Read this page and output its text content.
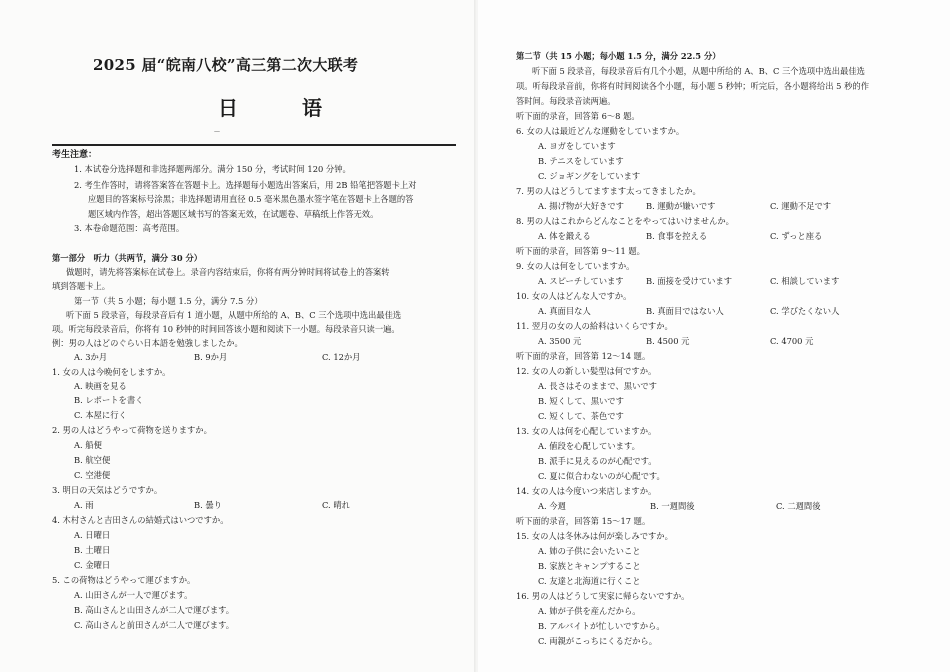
2025 届“皖南八校”高三第二次大联考
日　语
—
考生注意：
1. 本试卷分选择题和非选择题两部分。满分 150 分，考试时间 120 分钟。
2. 考生作答时，请将答案答在答题卡上。选择题每小题选出答案后，用 2B 铅笔把答题卡上对
应题目的答案标号涂黑；非选择题请用直径 0.5 毫米黑色墨水签字笔在答题卡上各题的答
题区域内作答，超出答题区域书写的答案无效，在试题卷、草稿纸上作答无效。
3. 本卷命题范围：高考范围。
第一部分　听力（共两节，满分 30 分）
做题时，请先将答案标在试卷上。录音内容结束后，你将有两分钟时间将试卷上的答案转
填到答题卡上。
第一节（共 5 小题；每小题 1.5 分，满分 7.5 分）
听下面 5 段录音，每段录音后有 1 道小题，从题中所给的 A、B、C 三个选项中选出最佳选
项。听完每段录音后，你将有 10 秒钟的时间回答该小题和阅读下一小题。每段录音只读一遍。
例：男の人はどのぐらい日本語を勉強しましたか。
A. 3か月	B. 9か月	C. 12か月
1. 女の人は今晩何をしますか。
A. 映画を見る
B. レポートを書く
C. 本屋に行く
2. 男の人はどうやって荷物を送りますか。
A. 船便
B. 航空便
C. 空港便
3. 明日の天気はどうですか。
A. 雨	B. 曇り	C. 晴れ
4. 木村さんと吉田さんの結婚式はいつですか。
A. 日曜日
B. 土曜日
C. 金曜日
5. この荷物はどうやって運びますか。
A. 山田さんが一人で運びます。
B. 高山さんと山田さんが二人で運びます。
C. 高山さんと前田さんが二人で運びます。
第二节（共 15 小题；每小题 1.5 分，满分 22.5 分）
听下面 5 段录音，每段录音后有几个小题，从题中所给的 A、B、C 三个选项中选出最佳选
项。听每段录音前，你将有时间阅读各个小题，每小题 5 秒钟；听完后，各小题将给出 5 秒的作
答时间。每段录音读两遍。
听下面的录音，回答第 6～8 题。
6. 女の人は最近どんな運動をしていますか。
A. ヨガをしています
B. テニスをしています
C. ジョギングをしています
7. 男の人はどうしてますます太ってきましたか。
A. 揚げ物が大好きです	B. 運動が嫌いです	C. 運動不足です
8. 男の人はこれからどんなことをやってはいけませんか。
A. 体を鍛える	B. 食事を控える	C. ずっと座る
听下面的录音，回答第 9～11 题。
9. 女の人は何をしていますか。
A. スピーチしています	B. 面接を受けています	C. 相談しています
10. 女の人はどんな人ですか。
A. 真面目な人	B. 真面目ではない人	C. 学びたくない人
11. 翌月の女の人の給料はいくらですか。
A. 3500 元	B. 4500 元	C. 4700 元
听下面的录音，回答第 12～14 题。
12. 女の人の新しい髪型は何ですか。
A. 長さはそのままで、黒いです
B. 短くして、黒いです
C. 短くして、茶色です
13. 女の人は何を心配していますか。
A. 値段を心配しています。
B. 派手に見えるのが心配です。
C. 夏に似合わないのが心配です。
14. 女の人は今度いつ来店しますか。
A. 今週	B. 一週間後	C. 二週間後
听下面的录音，回答第 15～17 题。
15. 女の人は冬休みは何が楽しみですか。
A. 姉の子供に会いたいこと
B. 家族とキャンプすること
C. 友達と北海道に行くこと
16. 男の人はどうして実家に帰らないですか。
A. 姉が子供を産んだから。
B. アルバイトが忙しいですから。
C. 両親がこっちにくるだから。
